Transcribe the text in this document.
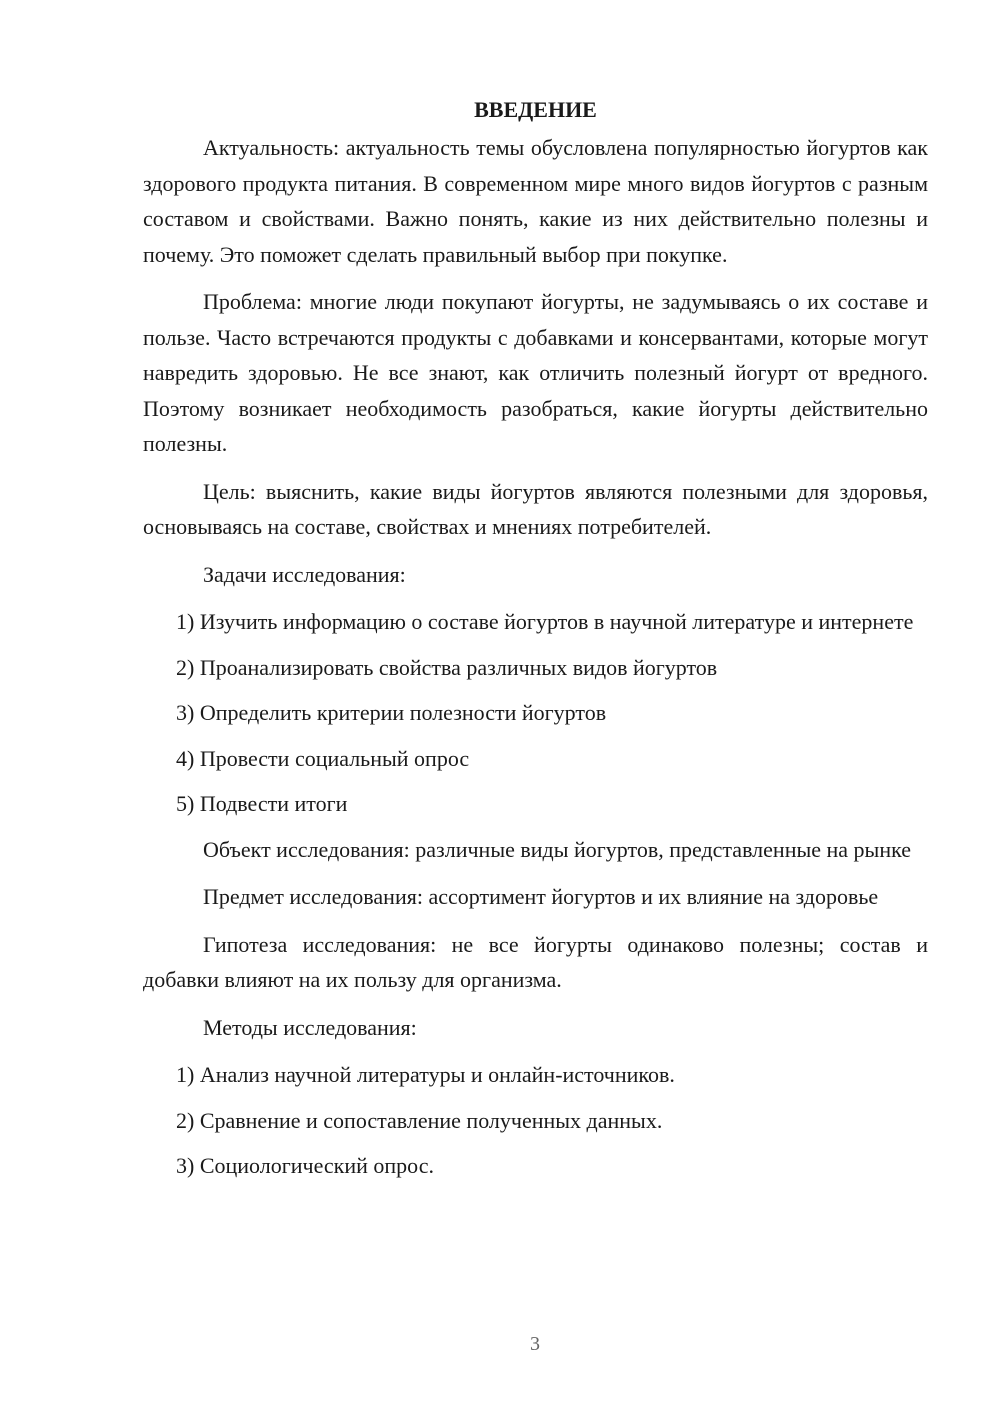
ВВЕДЕНИЕ

Актуальность: актуальность темы обусловлена популярностью йогуртов как здорового продукта питания. В современном мире много видов йогуртов с разным составом и свойствами. Важно понять, какие из них действительно полезны и почему. Это поможет сделать правильный выбор при покупке.

Проблема: многие люди покупают йогурты, не задумываясь о их составе и пользе. Часто встречаются продукты с добавками и консервантами, которые могут навредить здоровью. Не все знают, как отличить полезный йогурт от вредного. Поэтому возникает необходимость разобраться, какие йогурты действительно полезны.

Цель: выяснить, какие виды йогуртов являются полезными для здоровья, основываясь на составе, свойствах и мнениях потребителей.

Задачи исследования:

1) Изучить информацию о составе йогуртов в научной литературе и интернете

2) Проанализировать свойства различных видов йогуртов

3) Определить критерии полезности йогуртов

4) Провести социальный опрос

5) Подвести итоги

Объект исследования: различные виды йогуртов, представленные на рынке

Предмет исследования: ассортимент йогуртов и их влияние на здоровье

Гипотеза исследования: не все йогурты одинаково полезны; состав и добавки влияют на их пользу для организма.

Методы исследования:

1) Анализ научной литературы и онлайн-источников.

2) Сравнение и сопоставление полученных данных.

3) Социологический опрос.

3
